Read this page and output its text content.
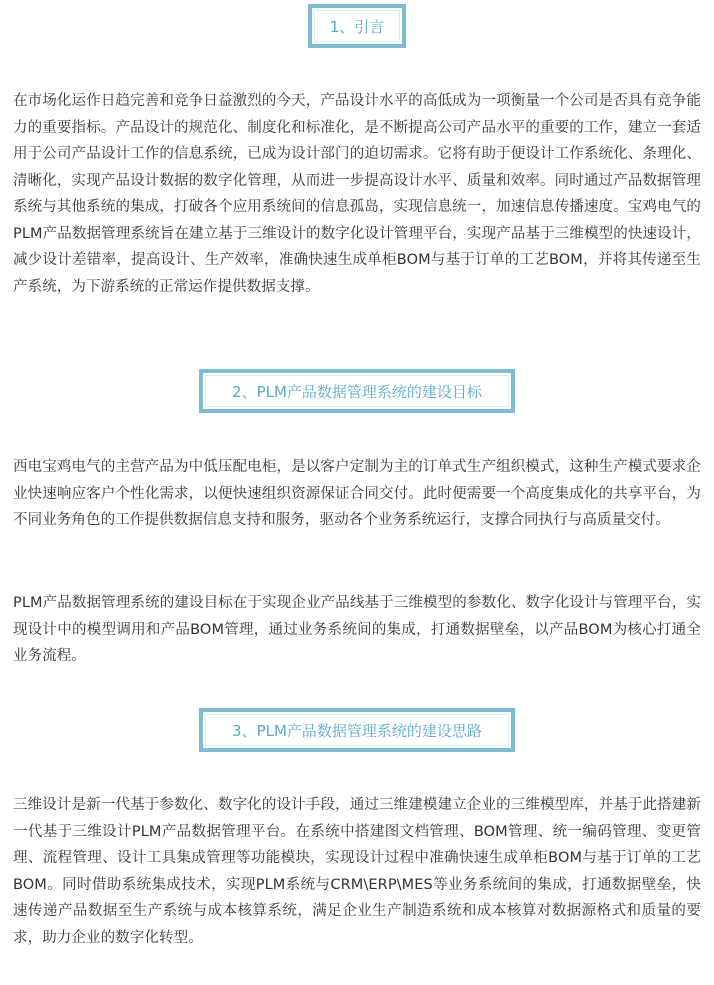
1、引言

在市场化运作日趋完善和竞争日益激烈的今天，产品设计水平的高低成为一项衡量一个公司是否具有竞争能力的重要指标。产品设计的规范化、制度化和标准化，是不断提高公司产品水平的重要的工作，建立一套适用于公司产品设计工作的信息系统，已成为设计部门的迫切需求。它将有助于便设计工作系统化、条理化、清晰化，实现产品设计数据的数字化管理，从而进一步提高设计水平、质量和效率。同时通过产品数据管理系统与其他系统的集成，打破各个应用系统间的信息孤岛，实现信息统一，加速信息传播速度。宝鸡电气的PLM产品数据管理系统旨在建立基于三维设计的数字化设计管理平台，实现产品基于三维模型的快速设计，减少设计差错率，提高设计、生产效率，准确快速生成单柜BOM与基于订单的工艺BOM，并将其传递至生产系统，为下游系统的正常运作提供数据支撑。

2、PLM产品数据管理系统的建设目标

西电宝鸡电气的主营产品为中低压配电柜，是以客户定制为主的订单式生产组织模式，这种生产模式要求企业快速响应客户个性化需求，以便快速组织资源保证合同交付。此时便需要一个高度集成化的共享平台，为不同业务角色的工作提供数据信息支持和服务，驱动各个业务系统运行，支撑合同执行与高质量交付。

PLM产品数据管理系统的建设目标在于实现企业产品线基于三维模型的参数化、数字化设计与管理平台，实现设计中的模型调用和产品BOM管理，通过业务系统间的集成，打通数据壁垒，以产品BOM为核心打通全业务流程。

3、PLM产品数据管理系统的建设思路

三维设计是新一代基于参数化、数字化的设计手段，通过三维建模建立企业的三维模型库，并基于此搭建新一代基于三维设计PLM产品数据管理平台。在系统中搭建图文档管理、BOM管理、统一编码管理、变更管理、流程管理、设计工具集成管理等功能模块，实现设计过程中准确快速生成单柜BOM与基于订单的工艺BOM。同时借助系统集成技术，实现PLM系统与CRM\ERP\MES等业务系统间的集成，打通数据壁垒，快速传递产品数据至生产系统与成本核算系统，满足企业生产制造系统和成本核算对数据源格式和质量的要求，助力企业的数字化转型。
